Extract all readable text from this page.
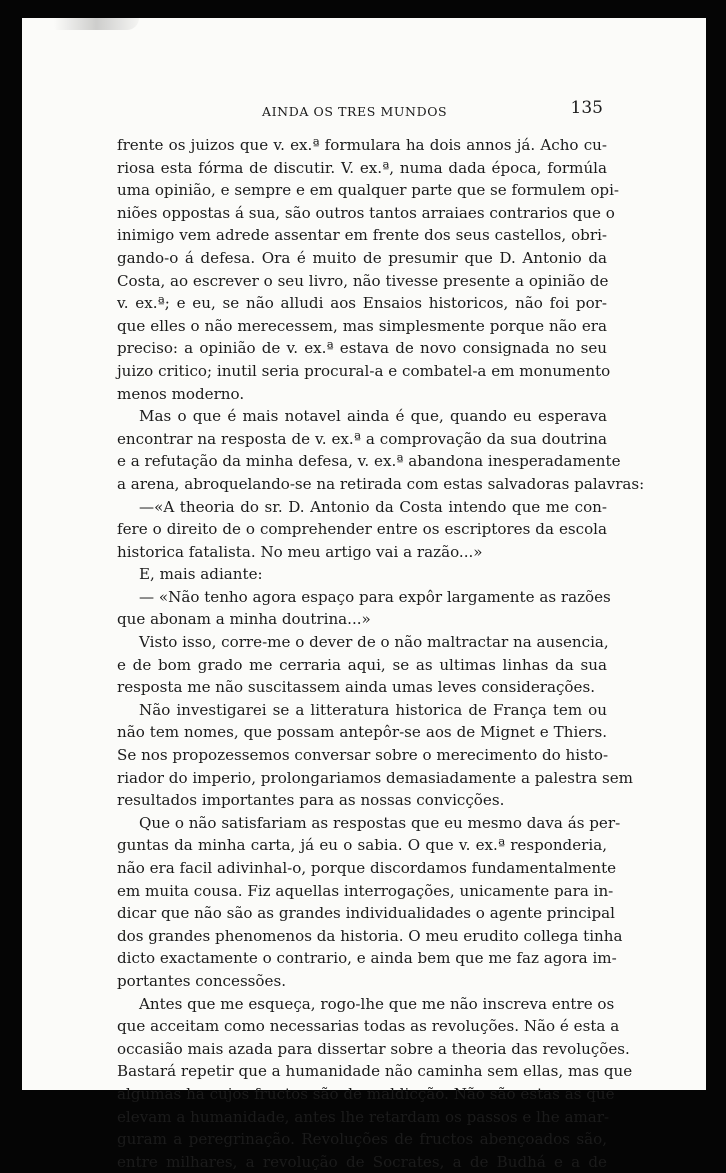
AINDA OS TRES MUNDOS	135
frente os juizos que v. ex.ª formulara ha dois annos já. Acho cu-
riosa esta fórma de discutir. V. ex.ª, numa dada época, formúla
uma opinião, e sempre e em qualquer parte que se formulem opi-
niões oppostas á sua, são outros tantos arraiaes contrarios que o
inimigo vem adrede assentar em frente dos seus castellos, obri-
gando-o á defesa. Ora é muito de presumir que D. Antonio da
Costa, ao escrever o seu livro, não tivesse presente a opinião de
v. ex.ª; e eu, se não alludi aos Ensaios historicos, não foi por-
que elles o não merecessem, mas simplesmente porque não era
preciso: a opinião de v. ex.ª estava de novo consignada no seu
juizo critico; inutil seria procural-a e combatel-a em monumento
menos moderno.
Mas o que é mais notavel ainda é que, quando eu esperava
encontrar na resposta de v. ex.ª a comprovação da sua doutrina
e a refutação da minha defesa, v. ex.ª abandona inesperadamente
a arena, abroquelando-se na retirada com estas salvadoras palavras:
—«A theoria do sr. D. Antonio da Costa intendo que me con-
fere o direito de o comprehender entre os escriptores da escola
historica fatalista. No meu artigo vai a razão...»
E, mais adiante:
— «Não tenho agora espaço para expôr largamente as razões
que abonam a minha doutrina...»
Visto isso, corre-me o dever de o não maltractar na ausencia,
e de bom grado me cerraria aqui, se as ultimas linhas da sua
resposta me não suscitassem ainda umas leves considerações.
Não investigarei se a litteratura historica de França tem ou
não tem nomes, que possam antepôr-se aos de Mignet e Thiers.
Se nos propozessemos conversar sobre o merecimento do histo-
riador do imperio, prolongariamos demasiadamente a palestra sem
resultados importantes para as nossas convicções.
Que o não satisfariam as respostas que eu mesmo dava ás per-
guntas da minha carta, já eu o sabia. O que v. ex.ª responderia,
não era facil adivinhal-o, porque discordamos fundamentalmente
em muita cousa. Fiz aquellas interrogações, unicamente para in-
dicar que não são as grandes individualidades o agente principal
dos grandes phenomenos da historia. O meu erudito collega tinha
dicto exactamente o contrario, e ainda bem que me faz agora im-
portantes concessões.
Antes que me esqueça, rogo-lhe que me não inscreva entre os
que acceitam como necessarias todas as revoluções. Não é esta a
occasião mais azada para dissertar sobre a theoria das revoluções.
Bastará repetir que a humanidade não caminha sem ellas, mas que
algumas ha cujos fructos são de maldicção. Não são estas as que
elevam a humanidade, antes lhe retardam os passos e lhe amar-
guram a peregrinação. Revoluções de fructos abençoados são,
entre milhares, a revolução de Socrates, a de Budhá e a de
